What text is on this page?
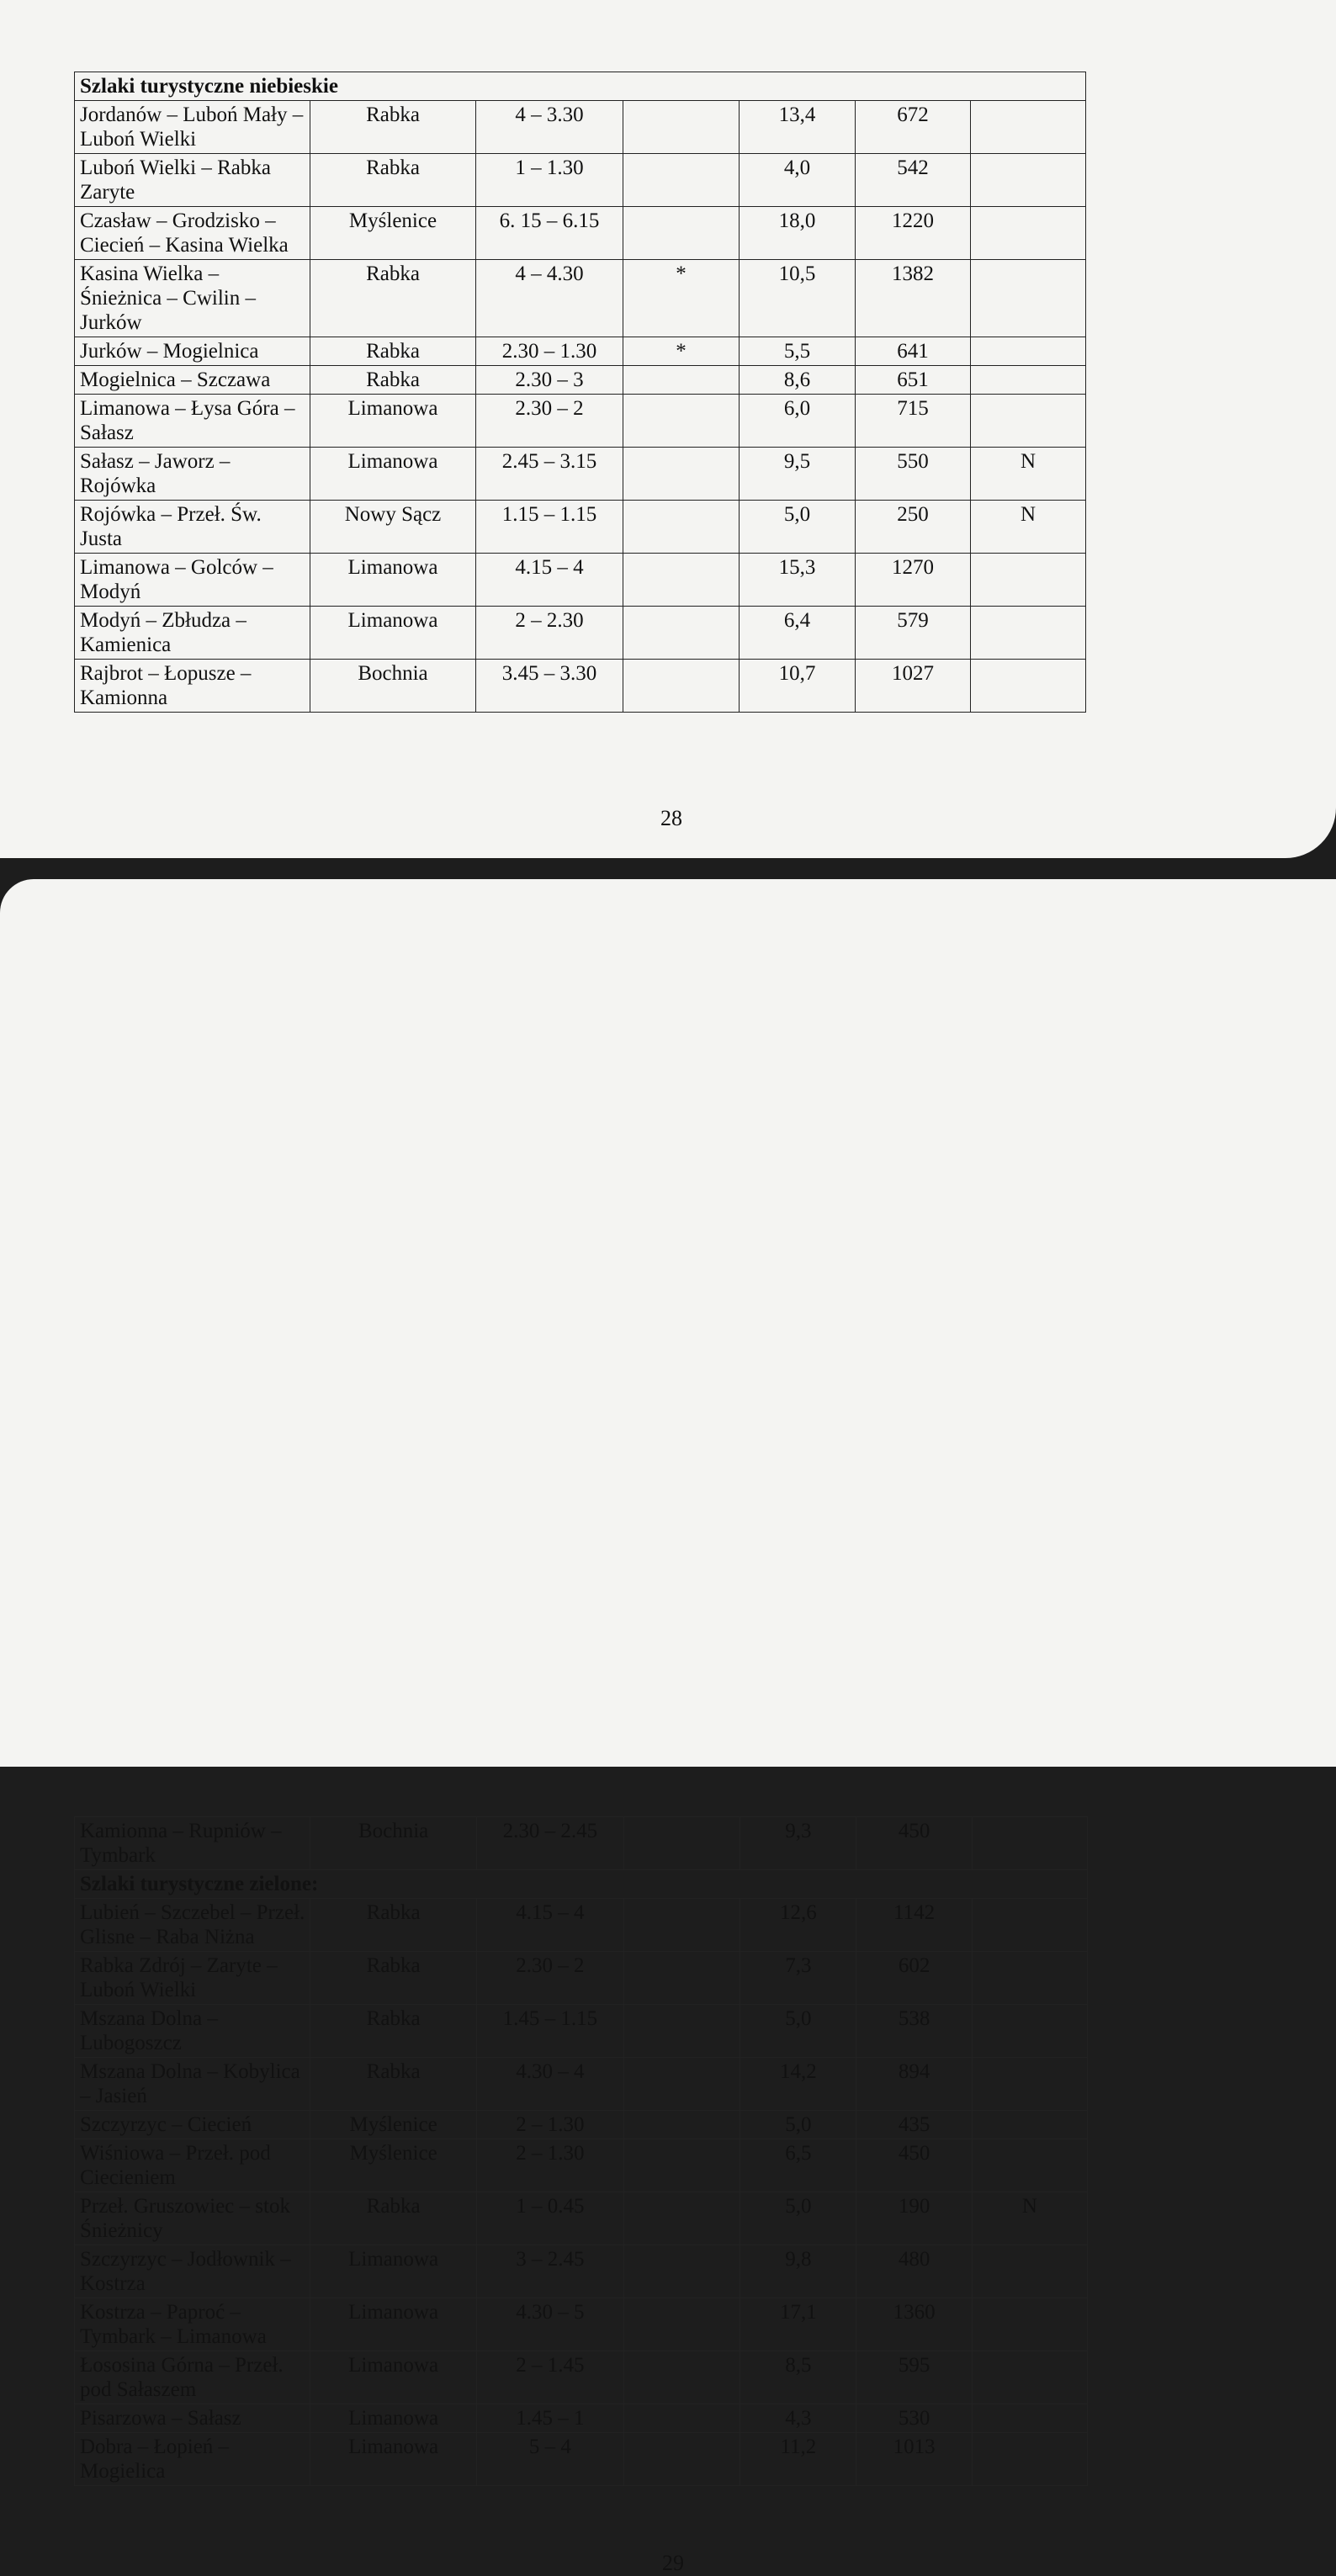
Szlaki turystyczne niebieskie						
Jordanów – Luboń Mały – Luboń Wielki	Rabka	4 – 3.30		13,4	672	
Luboń Wielki – Rabka Zaryte	Rabka	1 – 1.30		4,0	542	
Czasław – Grodzisko – Ciecień – Kasina Wielka	Myślenice	6. 15 – 6.15		18,0	1220	
Kasina Wielka – Śnieżnica – Cwilin – Jurków	Rabka	4 – 4.30	*	10,5	1382	
Jurków – Mogielnica	Rabka	2.30 – 1.30	*	5,5	641	
Mogielnica – Szczawa	Rabka	2.30 – 3		8,6	651	
Limanowa – Łysa Góra – Sałasz	Limanowa	2.30 – 2		6,0	715	
Sałasz – Jaworz – Rojówka	Limanowa	2.45 – 3.15		9,5	550	N
Rojówka – Przeł. Św. Justa	Nowy Sącz	1.15 – 1.15		5,0	250	N
Limanowa – Golców – Modyń	Limanowa	4.15 – 4		15,3	1270	
Modyń – Zbłudza – Kamienica	Limanowa	2 – 2.30		6,4	579	
Rajbrot – Łopusze – Kamionna	Bochnia	3.45 – 3.30		10,7	1027	
28
Kamionna – Rupniów – Tymbark	Bochnia	2.30 – 2.45		9,3	450	
Szlaki turystyczne zielone:						
Lubień – Szczebel – Przeł. Glisne – Raba Niżna	Rabka	4.15 – 4		12,6	1142	
Rabka Zdrój – Zaryte – Luboń Wielki	Rabka	2.30 – 2		7,3	602	
Mszana Dolna – Lubogoszcz	Rabka	1.45 – 1.15		5,0	538	
Mszana Dolna – Kobylica – Jasień	Rabka	4.30 – 4		14,2	894	
Szczyrzyc – Ciecień	Myślenice	2 – 1.30		5,0	435	
Wiśniowa – Przeł. pod Ciecieniem	Myślenice	2 – 1.30		6,5	450	
Przeł. Gruszowiec – stok Śnieżnicy	Rabka	1 – 0.45		5,0	190	N
Szczyrzyc – Jodłownik – Kostrza	Limanowa	3 – 2.45		9,8	480	
Kostrza – Paproć – Tymbark – Limanowa	Limanowa	4.30 – 5		17,1	1360	
Łososina Górna – Przeł. pod Sałaszem	Limanowa	2 – 1.45		8,5	595	
Pisarzowa – Sałasz	Limanowa	1.45 – 1		4,3	530	
Dobra – Łopień – Mogielica	Limanowa	5 – 4		11,2	1013	
29
